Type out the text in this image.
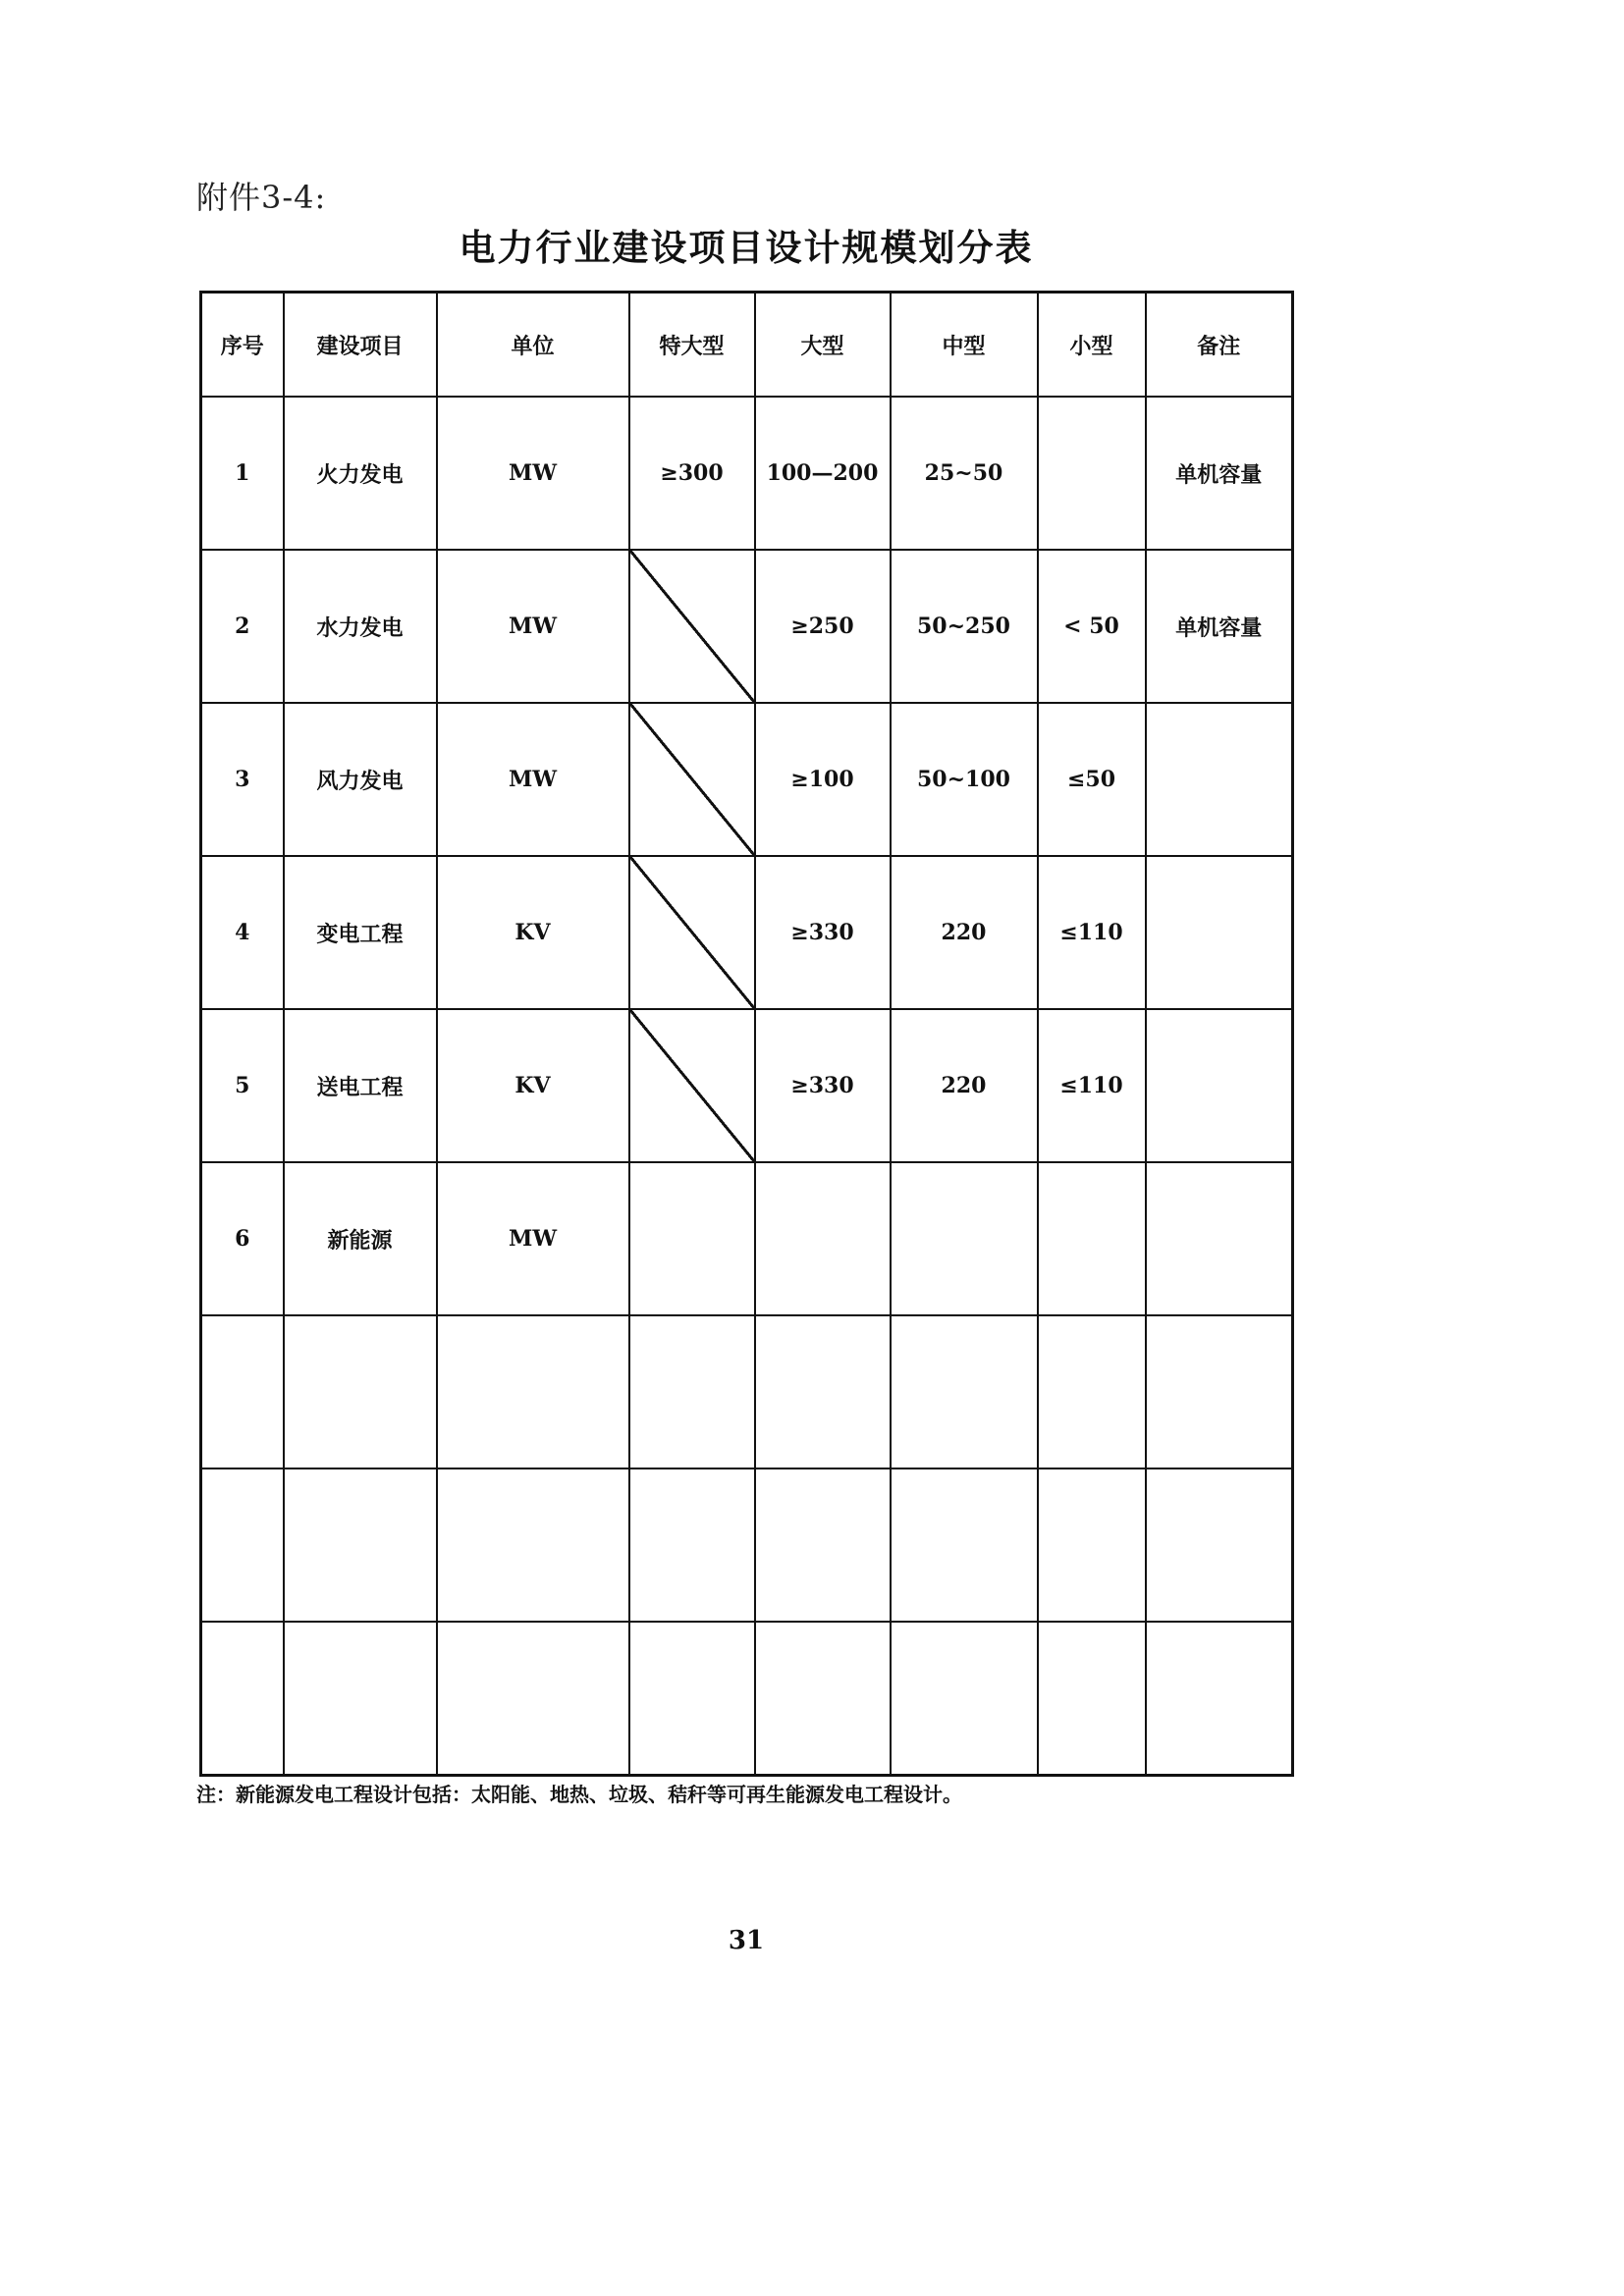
附件3-4:
电力行业建设项目设计规模划分表
序号	建设项目	单位	特大型	大型	中型	小型	备注
1	火力发电	MW	≥300	100—200	25~50		单机容量
2	水力发电	MW		≥250	50~250	< 50	单机容量
3	风力发电	MW		≥100	50~100	≤50	
4	变电工程	KV		≥330	220	≤110	
5	送电工程	KV		≥330	220	≤110	
6	新能源	MW					

注：新能源发电工程设计包括：太阳能、地热、垃圾、秸秆等可再生能源发电工程设计。
31
